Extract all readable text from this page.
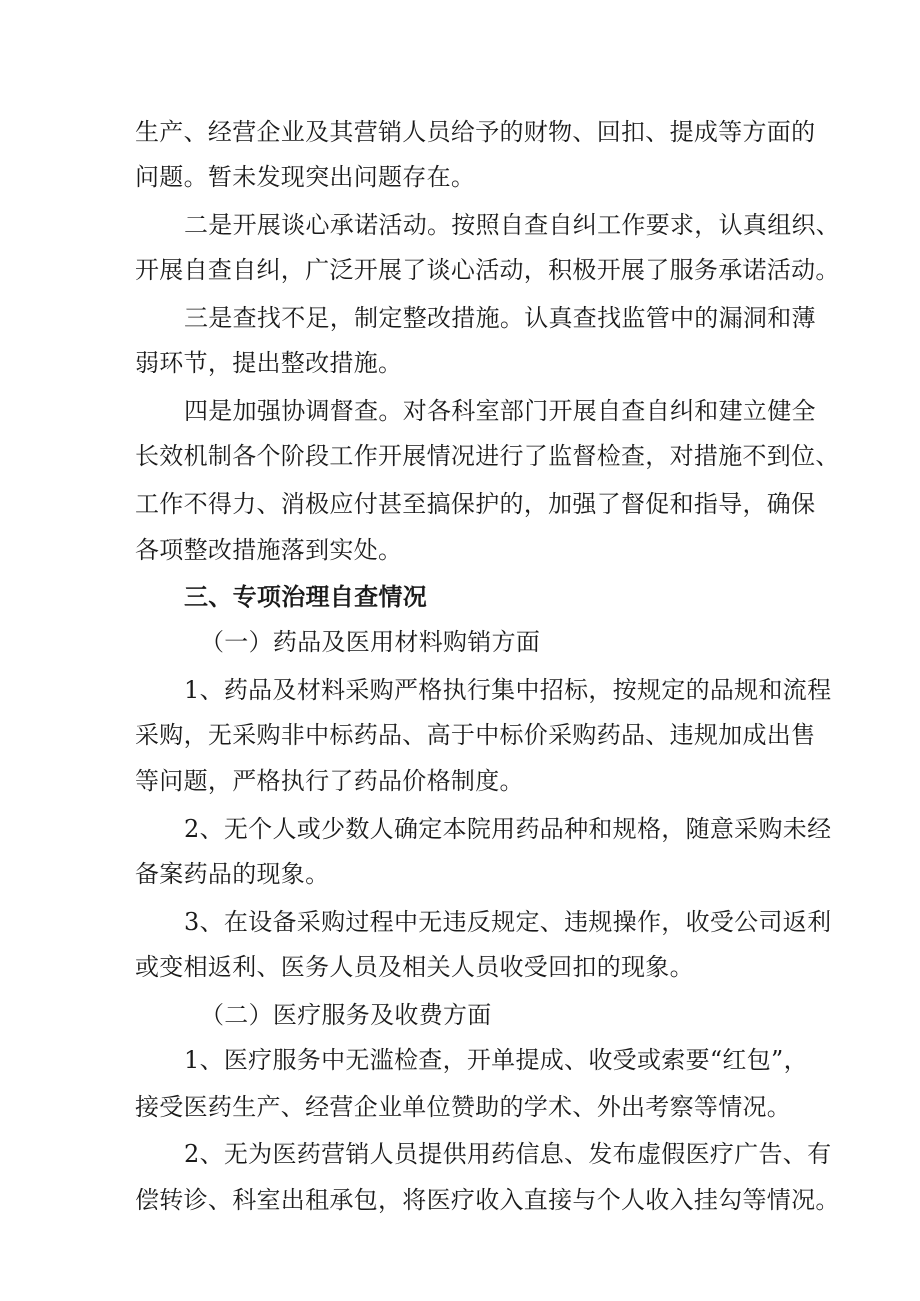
生产、经营企业及其营销人员给予的财物、回扣、提成等方面的
问题。暂未发现突出问题存在。
二是开展谈心承诺活动。按照自查自纠工作要求，认真组织、
开展自查自纠，广泛开展了谈心活动，积极开展了服务承诺活动。
三是查找不足，制定整改措施。认真查找监管中的漏洞和薄
弱环节，提出整改措施。
四是加强协调督查。对各科室部门开展自查自纠和建立健全
长效机制各个阶段工作开展情况进行了监督检查，对措施不到位、
工作不得力、消极应付甚至搞保护的，加强了督促和指导，确保
各项整改措施落到实处。
三、专项治理自查情况
（一）药品及医用材料购销方面
1、药品及材料采购严格执行集中招标，按规定的品规和流程
采购，无采购非中标药品、高于中标价采购药品、违规加成出售
等问题，严格执行了药品价格制度。
2、无个人或少数人确定本院用药品种和规格，随意采购未经
备案药品的现象。
3、在设备采购过程中无违反规定、违规操作，收受公司返利
或变相返利、医务人员及相关人员收受回扣的现象。
（二）医疗服务及收费方面
1、医疗服务中无滥检查，开单提成、收受或索要“红包”，
接受医药生产、经营企业单位赞助的学术、外出考察等情况。
2、无为医药营销人员提供用药信息、发布虚假医疗广告、有
偿转诊、科室出租承包，将医疗收入直接与个人收入挂勾等情况。
